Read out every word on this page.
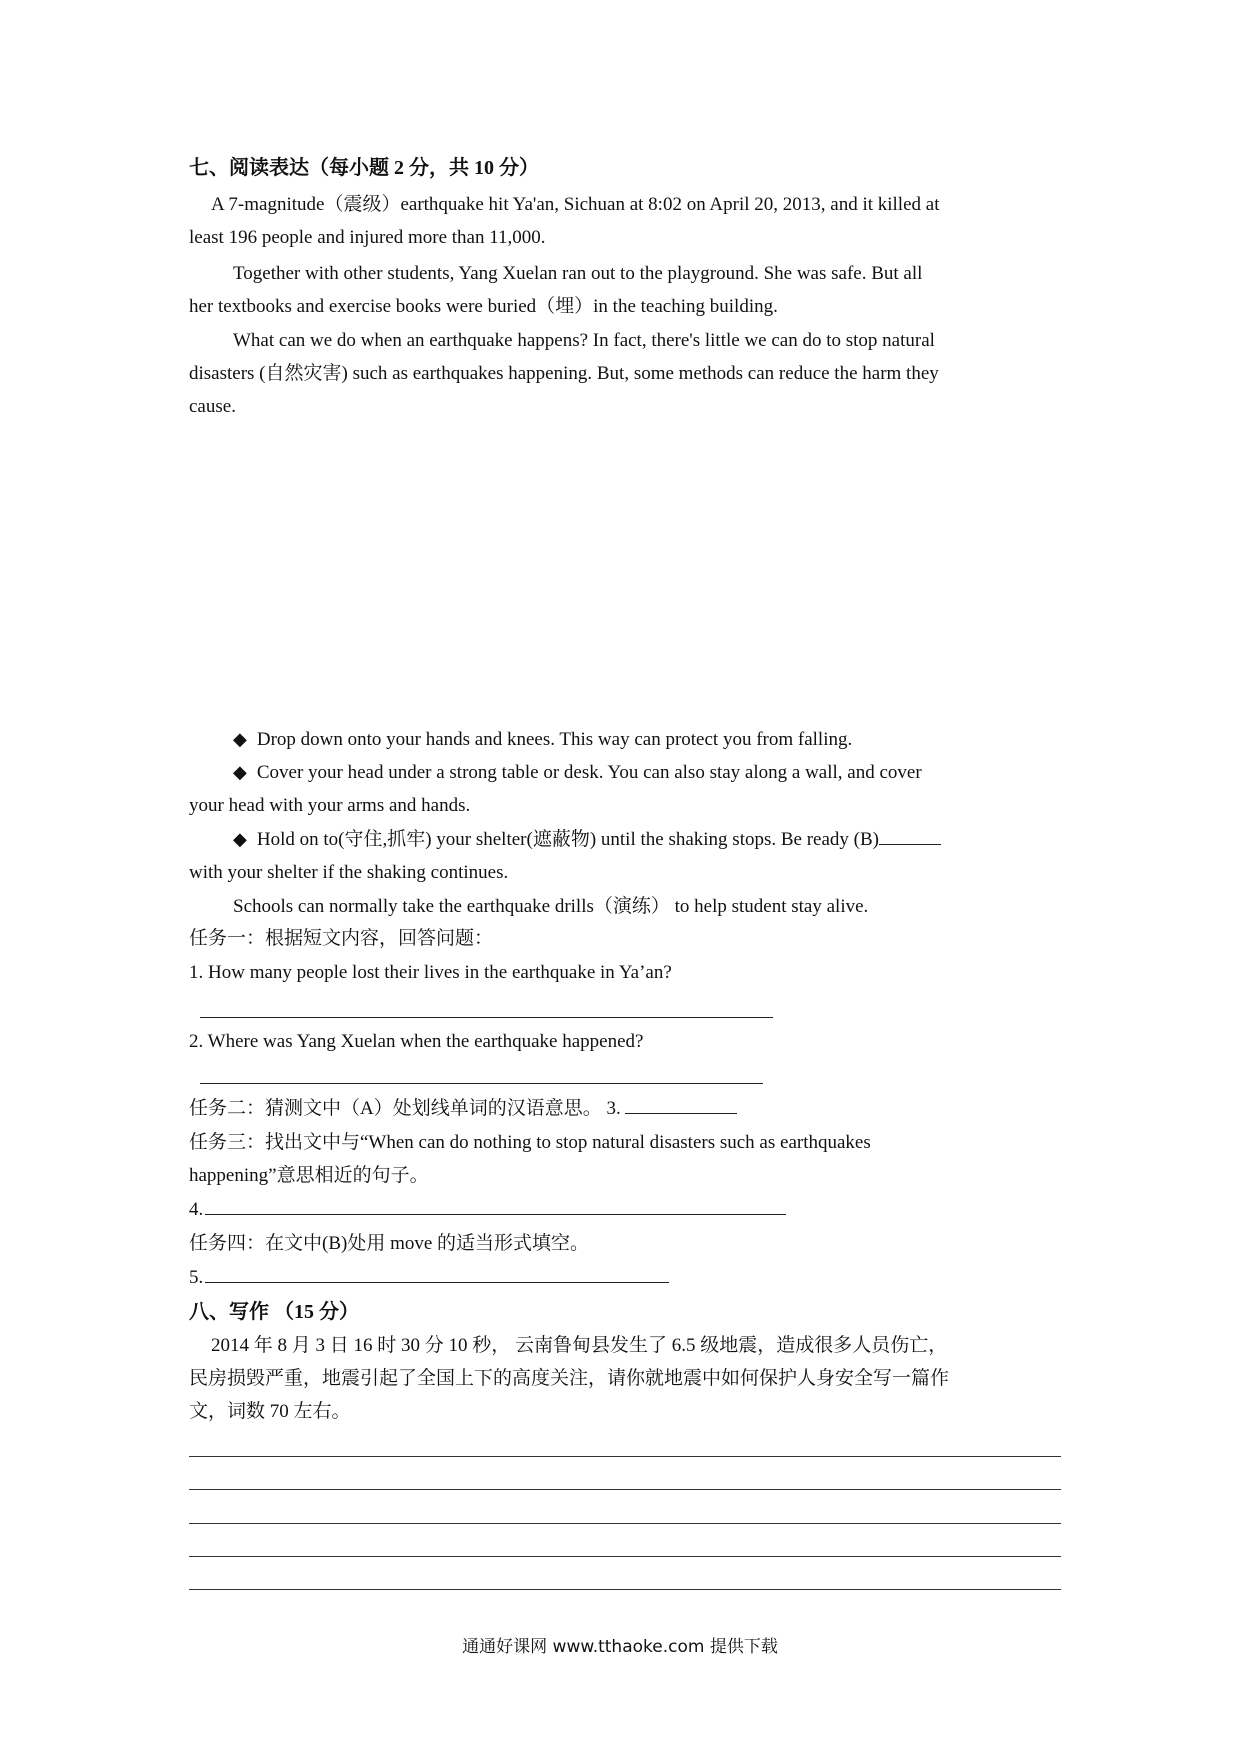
七、阅读表达（每小题 2 分，共 10 分）
A 7-magnitude（震级）earthquake hit Ya'an, Sichuan at 8:02 on April 20, 2013, and it killed at
least 196 people and injured more than 11,000.
Together with other students, Yang Xuelan ran out to the playground. She was safe. But all
her textbooks and exercise books were buried（埋）in the teaching building.
What can we do when an earthquake happens? In fact, there's little we can do to stop natural
disasters (自然灾害) such as earthquakes happening. But, some methods can reduce the harm they
cause.
◆ Drop down onto your hands and knees. This way can protect you from falling.
◆ Cover your head under a strong table or desk. You can also stay along a wall, and cover
your head with your arms and hands.
◆ Hold on to(守住,抓牢) your shelter(遮蔽物) until the shaking stops. Be ready (B)
with your shelter if the shaking continues.
Schools can normally take the earthquake drills（演练） to help student stay alive.
任务一：根据短文内容，回答问题：
1. How many people lost their lives in the earthquake in Ya’an?
2. Where was Yang Xuelan when the earthquake happened?
任务二：猜测文中（A）处划线单词的汉语意思。 3.
任务三：找出文中与“When can do nothing to stop natural disasters such as earthquakes
happening”意思相近的句子。
4.
任务四：在文中(B)处用 move 的适当形式填空。
5.
八、写作 （15 分）
2014 年 8 月 3 日 16 时 30 分 10 秒， 云南鲁甸县发生了 6.5 级地震，造成很多人员伤亡，
民房损毁严重，地震引起了全国上下的高度关注，请你就地震中如何保护人身安全写一篇作
文，词数 70 左右。
通通好课网 www.tthaoke.com 提供下载
